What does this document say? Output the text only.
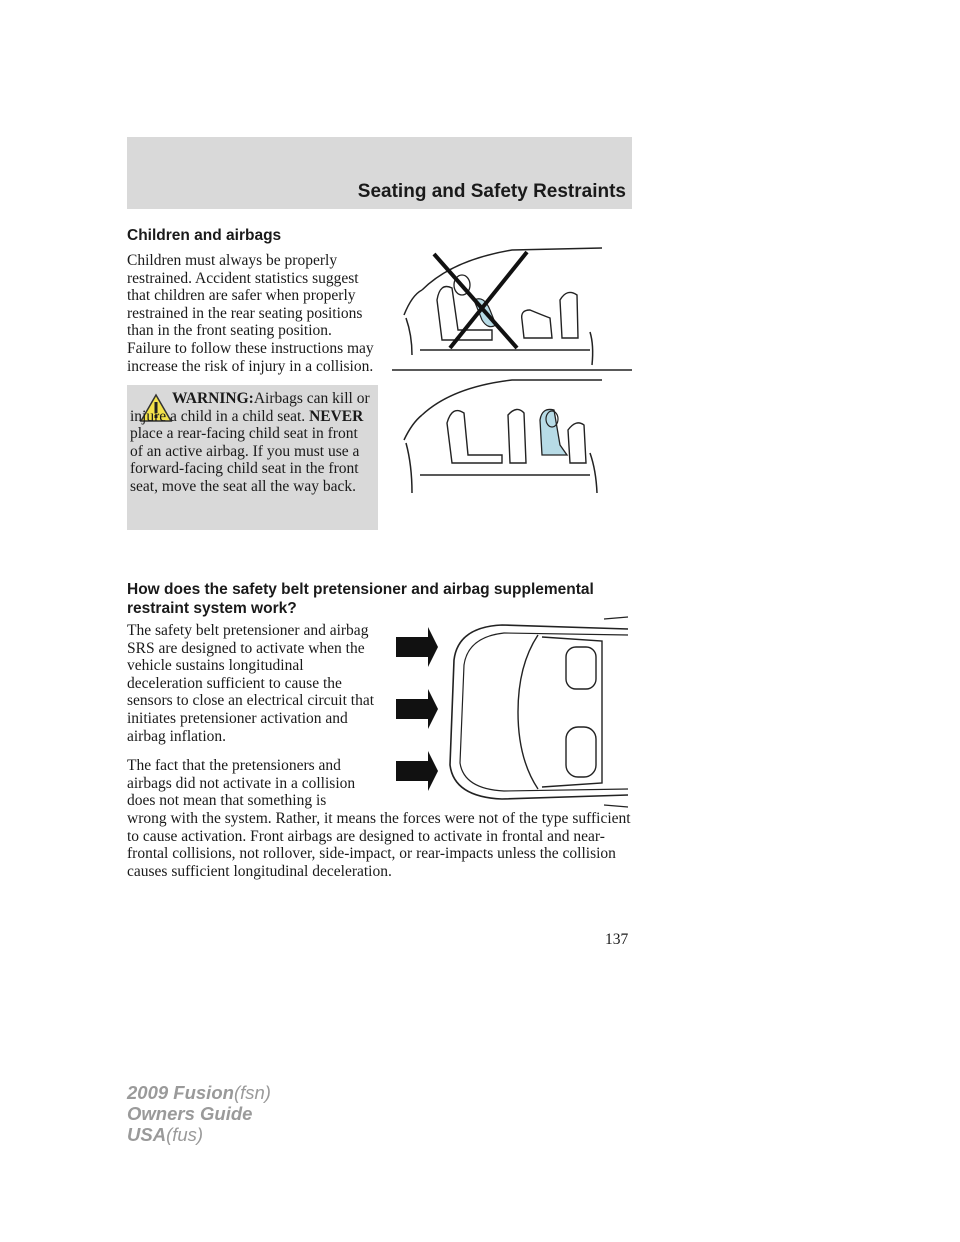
Seating and Safety Restraints
Children and airbags

Children must always be properly restrained. Accident statistics suggest that children are safer when properly restrained in the rear seating positions than in the front seating position. Failure to follow these instructions may increase the risk of injury in a collision.

WARNING:Airbags can kill or injure a child in a child seat. NEVER place a rear-facing child seat in front of an active airbag. If you must use a forward-facing child seat in the front seat, move the seat all the way back.

How does the safety belt pretensioner and airbag supplemental restraint system work?

The safety belt pretensioner and airbag SRS are designed to activate when the vehicle sustains longitudinal deceleration sufficient to cause the sensors to close an electrical circuit that initiates pretensioner activation and airbag inflation.

The fact that the pretensioners and airbags did not activate in a collision does not mean that something is

wrong with the system. Rather, it means the forces were not of the type sufficient to cause activation. Front airbags are designed to activate in frontal and near-frontal collisions, not rollover, side-impact, or rear-impacts unless the collision causes sufficient longitudinal deceleration.

137
2009 Fusion(fsn)
Owners Guide
USA(fus)
